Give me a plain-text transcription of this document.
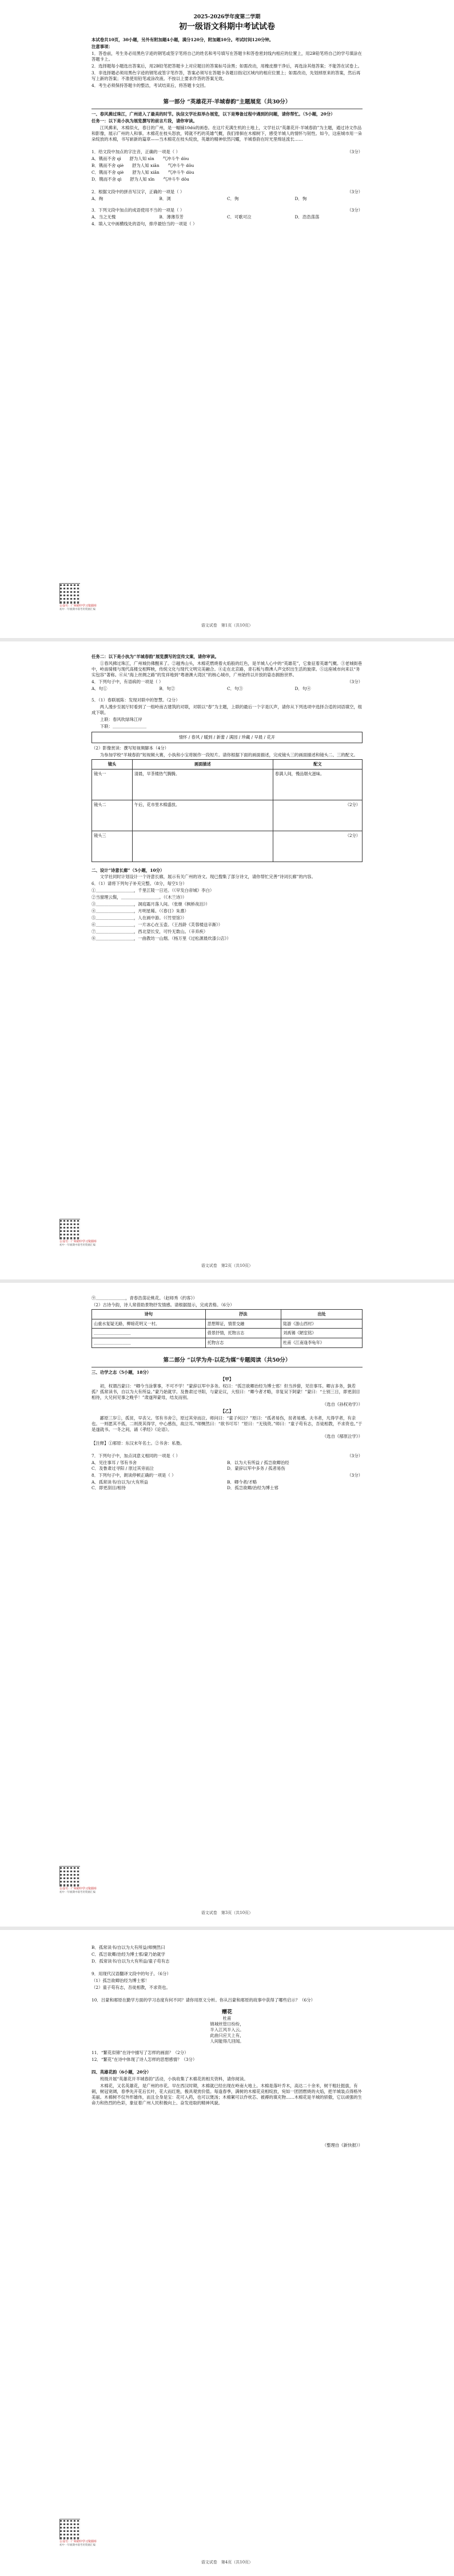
2025-2026学年度第二学期
初一级语文科期中考试试卷

本试卷共10页，30小题，另外有附加题4小题，满分120分，附加题10分。考试时间120分钟。

注意事项：

1．答卷前，考生务必用黑色字迹的钢笔或签字笔将自己的姓名和考号填写在答题卡和答卷密封线内相应的位置上，用2B铅笔将自己的学号填涂在答题卡上。

2．选择题每小题选出答案后，用2B铅笔把答题卡上对应题目的答案标号涂黑；如需改动，用橡皮擦干净后，再选涂其他答案；不能答在试卷上。

3．非选择题必须用黑色字迹的钢笔或签字笔作答，答案必须写在答题卡各题目指定区域内的相应位置上；如需改动，先划掉原来的答案，然后再写上新的答案；不准使用铅笔或涂改液。不按以上要求作答的答案无效。

4．考生必须保持答题卡的整洁，考试结束后，将答题卡交回。

第一部分 “英雄花开·羊城春韵”主题展览（共30分）

一、春风拂过珠江，广州进入了最美的时节。执信文学社拟举办展览，以下是筹备过程中遇到的问题，请你帮忙。（5小题，20分）

任务一：以下是小执为展览撰写的前言片段，请你审读。

江风拂来，木棉似火，春日的广州，是一幅铺10dú的画卷。在这片充满生机的土地上，文学社以“英雄花开·羊城春韵”为主题，通过诗文作品和影像，展示广州的人和事。木棉花在枝头怒放，铸就不朽的英雄气概，我们徘徊在木棉树下，感受羊城人的情怀与韧性。如今，这座城市用一朵朵绽放的木棉，书写崭新的篇章——当木棉花在枝头绽放，英雄的精神依然闪耀，羊城春韵在时光里绵延流长……

1．给文段中加点的字注音，正确的一项是（ ）	（3分）

A．镌而不舍 qì　　舒为人知 xìn　　气冲斗牛 dòu

B．镌而不舍 qiè　　舒为人知 xiǎn　　气冲斗牛 dǒu

C．镌而不舍 qiè　　舒为人知 xiǎn　　气冲斗牛 dòu

D．镌而不舍 qì　　舒为人知 xǐn　　气冲斗牛 dǒu

2．根据文段中的拼音写汉字，正确的一项是（ ）	（3分）

A．绚	B．浏	C．徇	D．恂

3．下列文段中加点的成语使用不当的一项是（ ）	（3分）

A．当之无愧	B．薄薄芬芳	C．可歌可泣	D．浩浩荡荡

4．填入文中画横线处的语句，排序最恰当的一项是（ ）

公众号：广州初中学习资源库
初中一年级期中联考用资源汇编
语文试卷　第1页（共10页）

任务二：以下是小执为“羊城春韵”展览撰写的宣传文案，请你审读。

①春风拂过珠江，广州城仿佛醒来了。②越秀山头，木棉花燃烧着火焰般的红色，是羊城人心中的“英雄花”，它象征着英雄气概。③老城街巷中，岭南骑楼与现代高楼交相辉映，传统文化与现代文明完美融合。④走在北京路，青石板与鼎沸人声交织出生活的旋律。⑤这座城市向来以“务实包容”著称。⑥从“海上丝绸之路”的发祥地到“粤港澳大湾区”的核心城市，广州始终以开放的姿态拥抱世界。

4．下列句子中，有语病的一项是（ ）	（3分）

A．句①	B．句②	C．句③	D．句④

5．（1）春联展陈：发现对联中的智慧。（2分）

两人漫步至展厅时看到了一组岭南古建筑的对联，对联以“春”为主题，上联的最后一个字是仄声，请你从下列选项中选择合适的词语填空，组成下联。

上联：春风吹绿珠江岸

下联：＿＿＿＿＿＿＿＿

情怀 / 春风 / 暖到 / 新蕾 / 满园 / 珍藏 / 早晨 / 花开

（2）影像赏读：撰写短视频脚本（4分）

为参加学校“羊城春韵”短视频大赛，小执和小宝将制作一段短片。请你根据下面的画面描述，完成镜头三的画面描述和镜头二、三的配文。

镜头	画面描述	配文
镜头一	清晨，早茶楼热气腾腾。	春满人间，慢品烟火滋味。
镜头二	午后，花市里木棉盛放。	（2分）
镜头三		（2分）

二、设计“诗意长廊”（5小题，10分）

文学社同时计划设计一个诗意长廊，展示有关广州的诗文。现已搜集了部分诗文，请你帮忙完善“诗词长廊”的内容。

6．（1）请将下列句子补充完整。（8分，每空1分）

①＿＿＿＿＿＿＿＿＿，千里江陵一日还。（《早发白帝城》李白）

②当窗理云鬓，＿＿＿＿＿＿＿＿＿。（《木兰诗》）

③＿＿＿＿＿＿＿＿＿，洞庭霜月落人间。（张继《枫桥夜泊》）

④＿＿＿＿＿＿＿＿＿，月明星稀。（《春日》朱熹）

⑤＿＿＿＿＿＿＿＿＿，人在画中游。（《竹里馆》）

⑥＿＿＿＿＿＿＿＿＿，一片冰心在玉壶。（王昌龄《芙蓉楼送辛渐》）

⑦＿＿＿＿＿＿＿＿＿，西北望长安，可怜无数山。（辛弃疾）

⑧＿＿＿＿＿＿＿＿＿，一曲教坊一山烟。（杨万里《过松源晨炊漆公店》）

公众号：广州初中学习资源库
初中一年级期中联考用资源汇编
语文试卷　第2页（共10页）

⑨＿＿＿＿＿＿＿，青春浩荡论桃花。（赵师秀《约客》）

（2）古诗今韵，诗人常借助景物抒发情感。请根据提示，完成表格。（6分）

诗句	抒法	出处
山重水复疑无路，柳暗花明又一村。	思想辩证，情景交融	陆游《游山西村》
＿＿＿＿＿＿＿＿＿	借景抒情，托物言志	刘禹锡《陋室铭》
＿＿＿＿＿＿＿＿＿	托物言志	杜甫《江南逢李龟年》
第二部分 “以学为舟·以花为媒”专题阅读（共50分）

三、功学之志（5小题，18分）

【甲】

初，权谓吕蒙曰：“卿今当涂掌事，不可不学！”蒙辞以军中多务。权曰：“孤岂欲卿治经为博士邪！但当涉猎，见往事耳。卿言多务，孰若孤？孤常读书，自以为大有所益。”蒙乃始就学。及鲁肃过寻阳，与蒙论议，大惊曰：“卿今者才略，非复吴下阿蒙！”蒙曰：“士别三日，即更刮目相待，大兄何见事之晚乎！”肃遂拜蒙母，结友而别。

（选自《孙权劝学》）

【乙】

鄙原三岁①，孤贫，早丧父。邻有书舍②，原过其旁而泣。师问曰：“童子何泣？”原曰：“孤者易伤，贫者易感。夫书者，凡得学者，有亲也。一则愿其不孤，二则羡其得学，中心感伤，故泣耳。”师恻然曰：“欲书可耳！”原曰：“无钱资。”师曰：“童子苟有志，吾徒相教，不求资也。”于是遂就书。一冬之间，诵《孝经》《论语》。

（选自《邴原泣学》）

【注释】①邴原：东汉末年名士。②书舍：私塾。

7．下列句子中，加点词意义相同的一项是（ ）	（3分）

A．见往事耳 / 邻有书舍	B．以为大有所益 / 孤岂欲卿治经
C．及鲁肃过寻阳 / 原过其旁而泣	D．蒙辞以军中多务 / 孤者易伤

8．下列句子中，朗读停顿正确的一项是（ ）	（3分）

A．孤常读书/自以为/大有所益	B．卿今者/才略
C．即更刮目/相待	D．孤岂欲卿/治经为博士邪
公众号：广州初中学习资源库
初中一年级期中联考用资源汇编
语文试卷　第3页（共10页）

B．孤常读书/自以为大有所益/师恻然曰

C．孤岂欲卿/治经为博士邪/蒙乃始就学

D．孤常读书/自以为大有所益/童子苟有志

9．用现代汉语翻译文段中的句子。（6分）

（1）孤岂欲卿治经为博士邪！

（2）童子苟有志，吾徒相教，不求资也。

10．吕蒙和邴原在勤学方面的学习态度有何不同？请你用原文分析。你从吕蒙和邴原的故事中获得了哪些启示？（6分）

赠花
杜甫
锦城丝管日纷纷，
半入江风半入云。
此曲只应天上有，
人间能得几回闻。

11．“繁花似锦”在诗中描写了怎样的画面？（2分）

12．“繁花”在诗中体现了诗人怎样的思想感情？（3分）

四、英雄花韵（6小题，20分）

班级开展“英雄花开羊城春韵”活动，小执收集了木棉花的相关资料，请你阅读。

木棉花，又名英雄花，是广州的市花。早在西汉时期，木棉就已经出现在岭南大地上。木棉是落叶乔木，高达二十余米，树干粗壮挺拔，有刺，树冠宽阔，春季先开花后长叶，花大而红艳，极具观赏价值。每逢春季，满树的木棉花竞相绽放，宛如一团团燃烧的火焰，把羊城装点得格外美丽。木棉树不仅外形雄伟，而且全身是宝：花可入药，也可以煲汤；木棉絮可以作枕芯、被褥的填充物……木棉花是羊城的骄傲，它以顽强的生命力和热烈的色彩，象征着广州人民积极向上、奋发进取的精神风貌。

（整理自《新快报》）

公众号：广州初中学习资源库
初中一年级期中联考用资源汇编
语文试卷　第4页（共10页）
